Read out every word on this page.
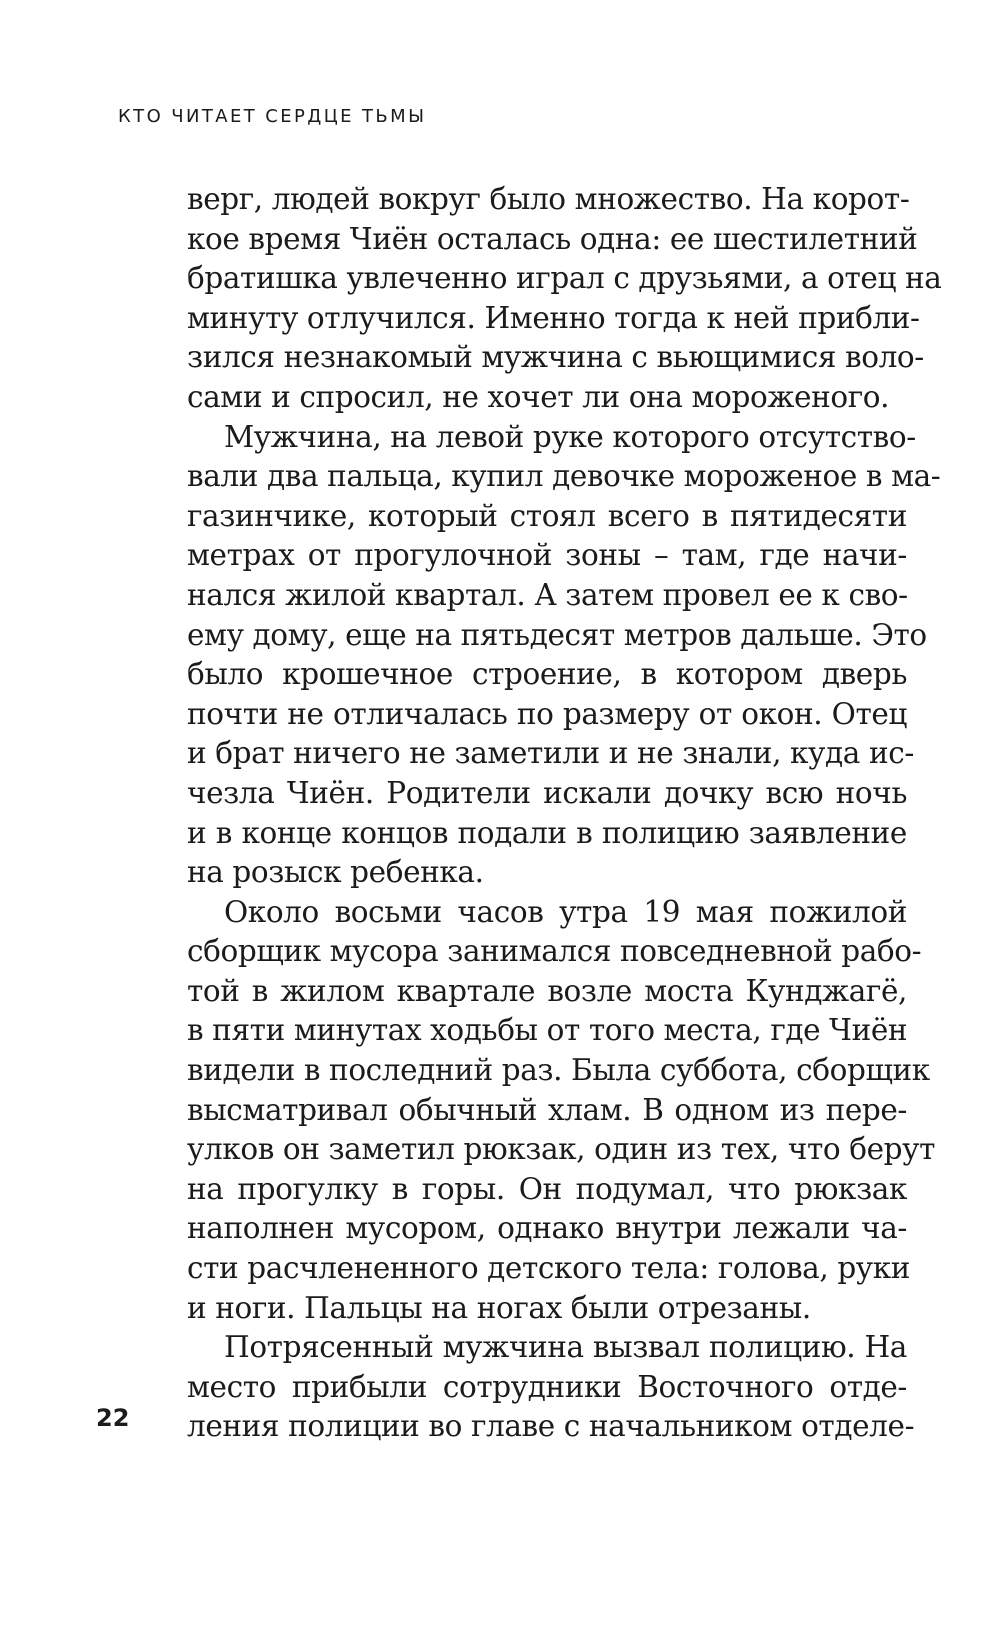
КТО ЧИТАЕТ СЕРДЦЕ ТЬМЫ
верг, людей вокруг было множество. На корот-
кое время Чиён осталась одна: ее шестилетний
братишка увлеченно играл с друзьями, а отец на
минуту отлучился. Именно тогда к ней прибли-
зился незнакомый мужчина с вьющимися воло-
сами и спросил, не хочет ли она мороженого.
Мужчина, на левой руке которого отсутство-
вали два пальца, купил девочке мороженое в ма-
газинчике, который стоял всего в пятидесяти
метрах от прогулочной зоны – там, где начи-
нался жилой квартал. А затем провел ее к сво-
ему дому, еще на пятьдесят метров дальше. Это
было крошечное строение, в котором дверь
почти не отличалась по размеру от окон. Отец
и брат ничего не заметили и не знали, куда ис-
чезла Чиён. Родители искали дочку всю ночь
и в конце концов подали в полицию заявление
на розыск ребенка.
Около восьми часов утра 19 мая пожилой
сборщик мусора занимался повседневной рабо-
той в жилом квартале возле моста Кунджагё,
в пяти минутах ходьбы от того места, где Чиён
видели в последний раз. Была суббота, сборщик
высматривал обычный хлам. В одном из пере-
улков он заметил рюкзак, один из тех, что берут
на прогулку в горы. Он подумал, что рюкзак
наполнен мусором, однако внутри лежали ча-
сти расчлененного детского тела: голова, руки
и ноги. Пальцы на ногах были отрезаны.
Потрясенный мужчина вызвал полицию. На
место прибыли сотрудники Восточного отде-
ления полиции во главе с начальником отделе-
22
